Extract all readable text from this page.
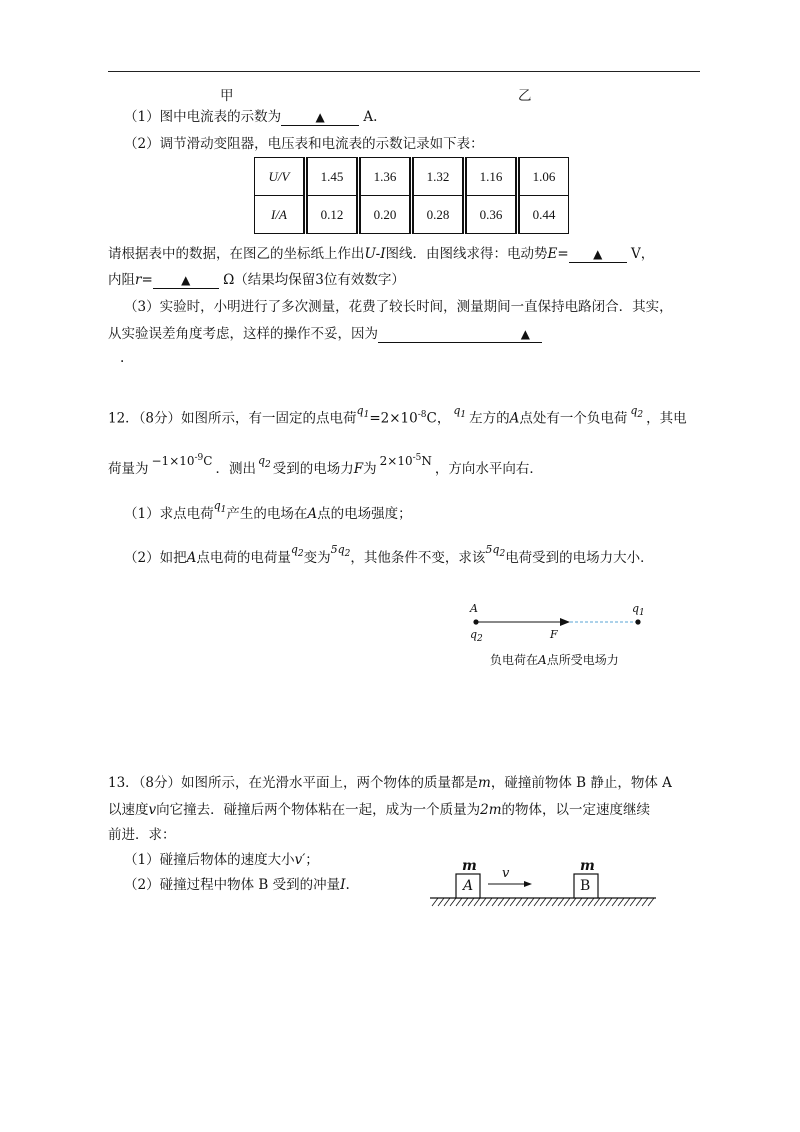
甲	乙
（1）图中电流表的示数为	▲	A.
（2）调节滑动变阻器，电压表和电流表的示数记录如下表：
U/V	1.45	1.36	1.32	1.16	1.06
I/A	0.12	0.20	0.28	0.36	0.44
请根据表中的数据，在图乙的坐标纸上作出U-I图线．由图线求得：电动势E= ▲ V，
内阻r= ▲ Ω（结果均保留3位有效数字）
（3）实验时，小明进行了多次测量，花费了较长时间，测量期间一直保持电路闭合．其实，
从实验误差角度考虑，这样的操作不妥，因为	▲
.
12．（8分）如图所示，有一固定的点电荷$q_1=2\times 10^{-8}C$，$q_1$ 左方的A点处有一个负电荷$q_2$ ，其电
荷量为 $-1\times 10^{-9}C$ ．测出$q_2$ 受到的电场力F为 $2\times 10^{-5}N$ ，方向水平向右．
（1）求点电荷$q_1$产生的电场在A点的电场强度；
（2）如把A点电荷的电荷量$q_2$变为$5q_2$，其他条件不变，求该$5q_2$电荷受到的电场力大小．
A
$q_2$	F
$q_1$
负电荷在A点所受电场力
13．（8分）如图所示，在光滑水平面上，两个物体的质量都是m，碰撞前物体 B 静止，物体 A
以速度v向它撞去．碰撞后两个物体粘在一起，成为一个质量为2m的物体，以一定速度继续
前进．求：
（1）碰撞后物体的速度大小v′；
（2）碰撞过程中物体 B 受到的冲量I.
m	m
A	B
v
